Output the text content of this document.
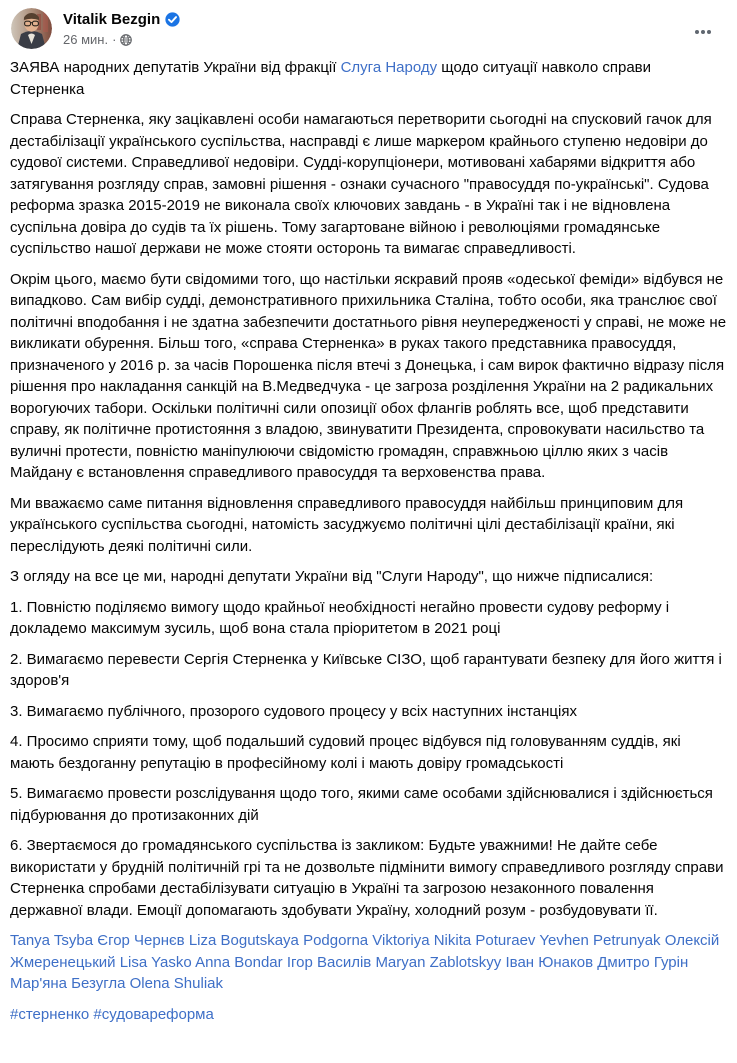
Vitalik Bezgin
26 мин. ·

ЗАЯВА народних депутатів України від фракції Слуга Народу щодо ситуації навколо справи Стерненка

Справа Стерненка, яку зацікавлені особи намагаються перетворити сьогодні на спусковий гачок для дестабілізації українського суспільства, насправді є лише маркером крайнього ступеню недовіри до судової системи. Справедливої недовіри. Судді-корупціонери, мотивовані хабарями відкриття або затягування розгляду справ, замовні рішення - ознаки сучасного "правосуддя по-українські". Судова реформа зразка 2015-2019 не виконала своїх ключових завдань - в Україні так і не відновлена суспільна довіра до судів та їх рішень. Тому загартоване війною і революціями громадянське суспільство нашої держави не може стояти осторонь та вимагає справедливості.

Окрім цього, маємо бути свідомими того, що настільки яскравий прояв «одеської феміди» відбувся не випадково. Сам вибір судді, демонстративного прихильника Сталіна, тобто особи, яка транслює свої політичні вподобання і не здатна забезпечити достатнього рівня неупередженості у справі, не може не викликати обурення. Більш того, «справа Стерненка» в руках такого представника правосуддя, призначеного у 2016 р. за часів Порошенка після втечі з Донецька, і сам вирок фактично відразу після рішення про накладання санкцій на В.Медведчука - це загроза розділення України на 2 радикальних ворогуючих табори. Оскільки політичні сили опозиції обох флангів роблять все, щоб представити справу, як політичне протистояння з владою, звинуватити Президента, спровокувати насильство та вуличні протести, повністю маніпулюючи свідомістю громадян, справжньою ціллю яких з часів Майдану є встановлення справедливого правосуддя та верховенства права.

Ми вважаємо саме питання відновлення справедливого правосуддя найбільш принциповим для українського суспільства сьогодні, натомість засуджуємо політичні цілі дестабілізації країни, які переслідують деякі політичні сили.

З огляду на все це ми, народні депутати України від "Слуги Народу", що нижче підписалися:

1. Повністю поділяємо вимогу щодо крайньої необхідності негайно провести судову реформу і докладемо максимум зусиль, щоб вона стала пріоритетом в 2021 році

2. Вимагаємо перевести Сергія Стерненка у Київське СІЗО, щоб гарантувати безпеку для його життя і здоров'я

3. Вимагаємо публічного, прозорого судового процесу у всіх наступних інстанціях

4. Просимо сприяти тому, щоб подальший судовий процес відбувся під головуванням суддів, які мають бездоганну репутацію в професійному колі і мають довіру громадськості

5. Вимагаємо провести розслідування щодо того, якими саме особами здійснювалися і здійснюється підбурювання до протизаконних дій

6. Звертаємося до громадянського суспільства із закликом: Будьте уважними! Не дайте себе використати у брудній політичній грі та не дозвольте підмінити вимогу справедливого розгляду справи Стерненка спробами дестабілізувати ситуацію в Україні та загрозою незаконного повалення державної влади. Емоції допомагають здобувати Україну, холодний розум - розбудовувати її.

Tanya Tsyba Єгор Чернєв Liza Bogutskaya Podgorna Viktoriya Nikita Poturaev Yevhen Petrunyak Олексій Жмеренецький Lisa Yasko Anna Bondar Ігор Василів Maryan Zablotskyy Іван Юнаков Дмитро Гурін Мар'яна Безугла Olena Shuliak

#стерненко #судовареформа
